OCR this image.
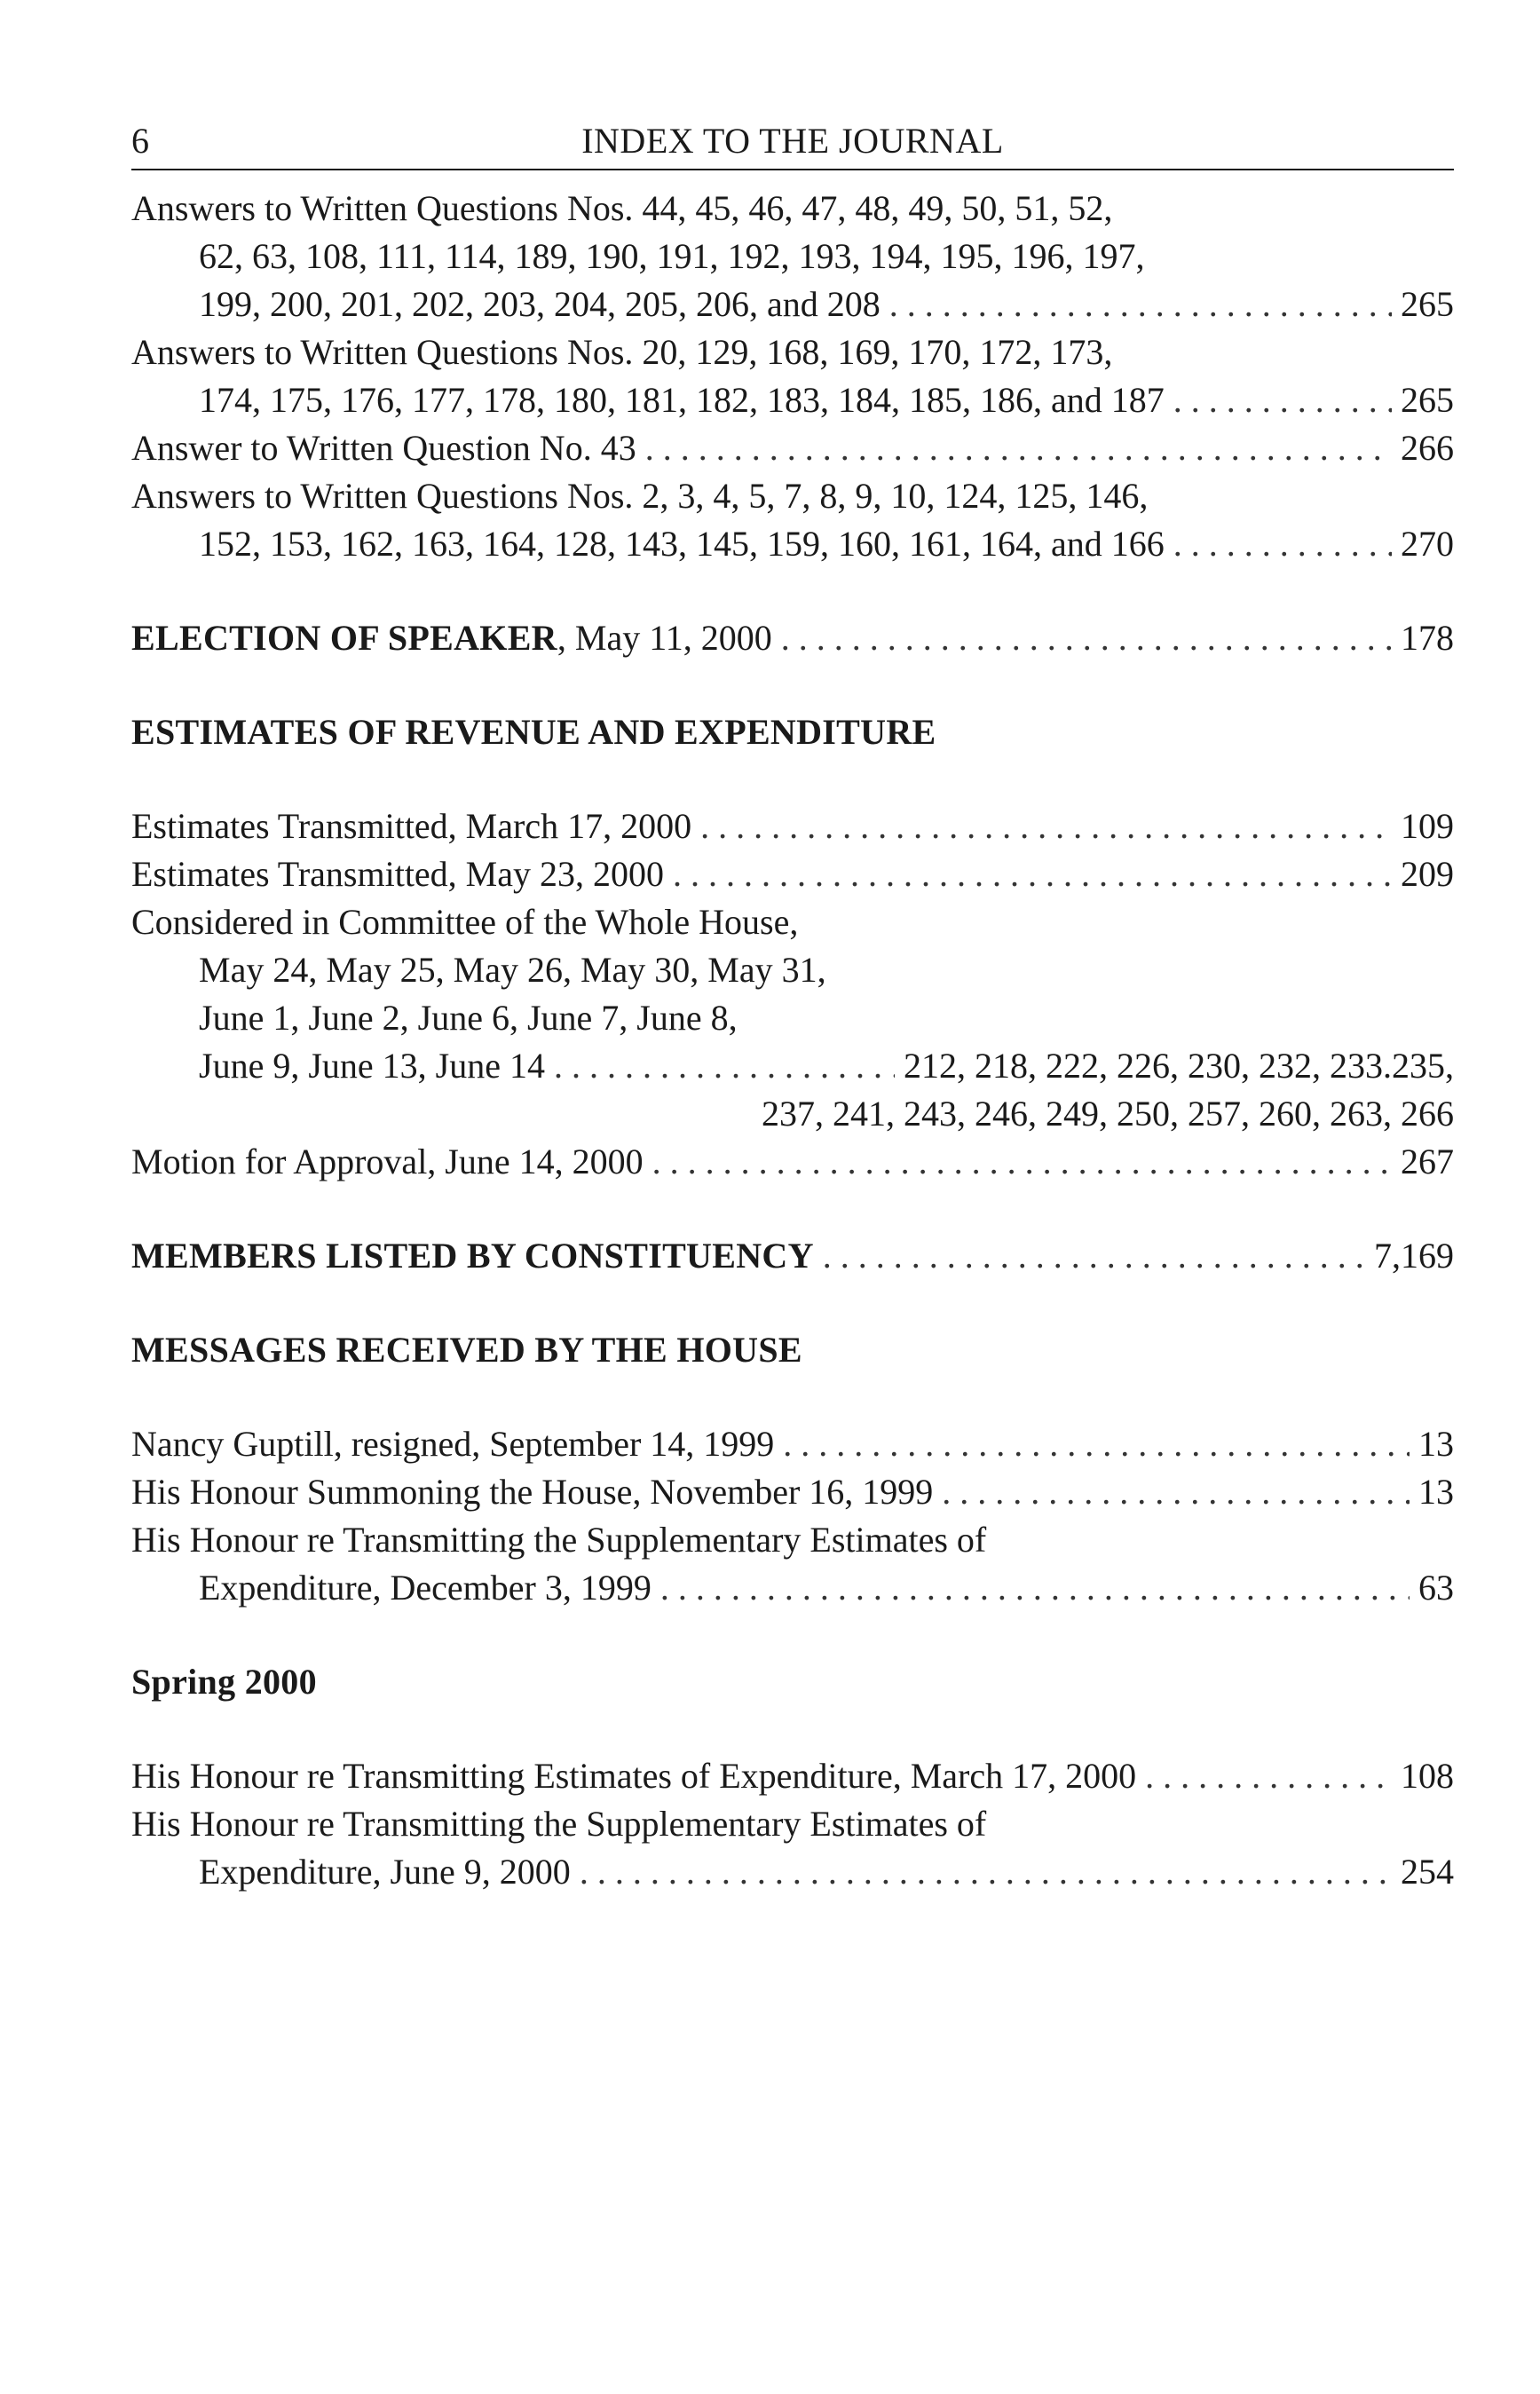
6	INDEX TO THE JOURNAL
Answers to Written Questions Nos. 44, 45, 46, 47, 48, 49, 50, 51, 52,
62, 63, 108, 111, 114, 189, 190, 191, 192, 193, 194, 195, 196, 197,
199, 200, 201, 202, 203, 204, 205, 206, and 208 . . .	265
Answers to Written Questions Nos. 20, 129, 168, 169, 170, 172, 173,
174, 175, 176, 177, 178, 180, 181, 182, 183, 184, 185, 186, and 187 . . .	265
Answer to Written Question No. 43 . . .	266
Answers to Written Questions Nos. 2, 3, 4, 5, 7, 8, 9, 10, 124, 125, 146,
152, 153, 162, 163, 164, 128, 143, 145, 159, 160, 161, 164, and 166 . . .	270
ELECTION OF SPEAKER, May 11, 2000 . . .	178
ESTIMATES OF REVENUE AND EXPENDITURE
Estimates Transmitted, March 17, 2000 . . .	109
Estimates Transmitted, May 23, 2000 . . .	209
Considered in Committee of the Whole House,
May 24, May 25, May 26, May 30, May 31,
June 1, June 2, June 6, June 7, June 8,
June 9, June 13, June 14 . . .	212, 218, 222, 226, 230, 232, 233.235,
237, 241, 243, 246, 249, 250, 257, 260, 263, 266
Motion for Approval, June 14, 2000 . . .	267
MEMBERS LISTED BY CONSTITUENCY . . .	7,169
MESSAGES RECEIVED BY THE HOUSE
Nancy Guptill, resigned, September 14, 1999 . . .	13
His Honour Summoning the House, November 16, 1999 . . .	13
His Honour re Transmitting the Supplementary Estimates of
Expenditure, December 3, 1999 . . .	63
Spring 2000
His Honour re Transmitting Estimates of Expenditure, March 17, 2000 . . .	108
His Honour re Transmitting the Supplementary Estimates of
Expenditure, June 9, 2000 . . .	254
